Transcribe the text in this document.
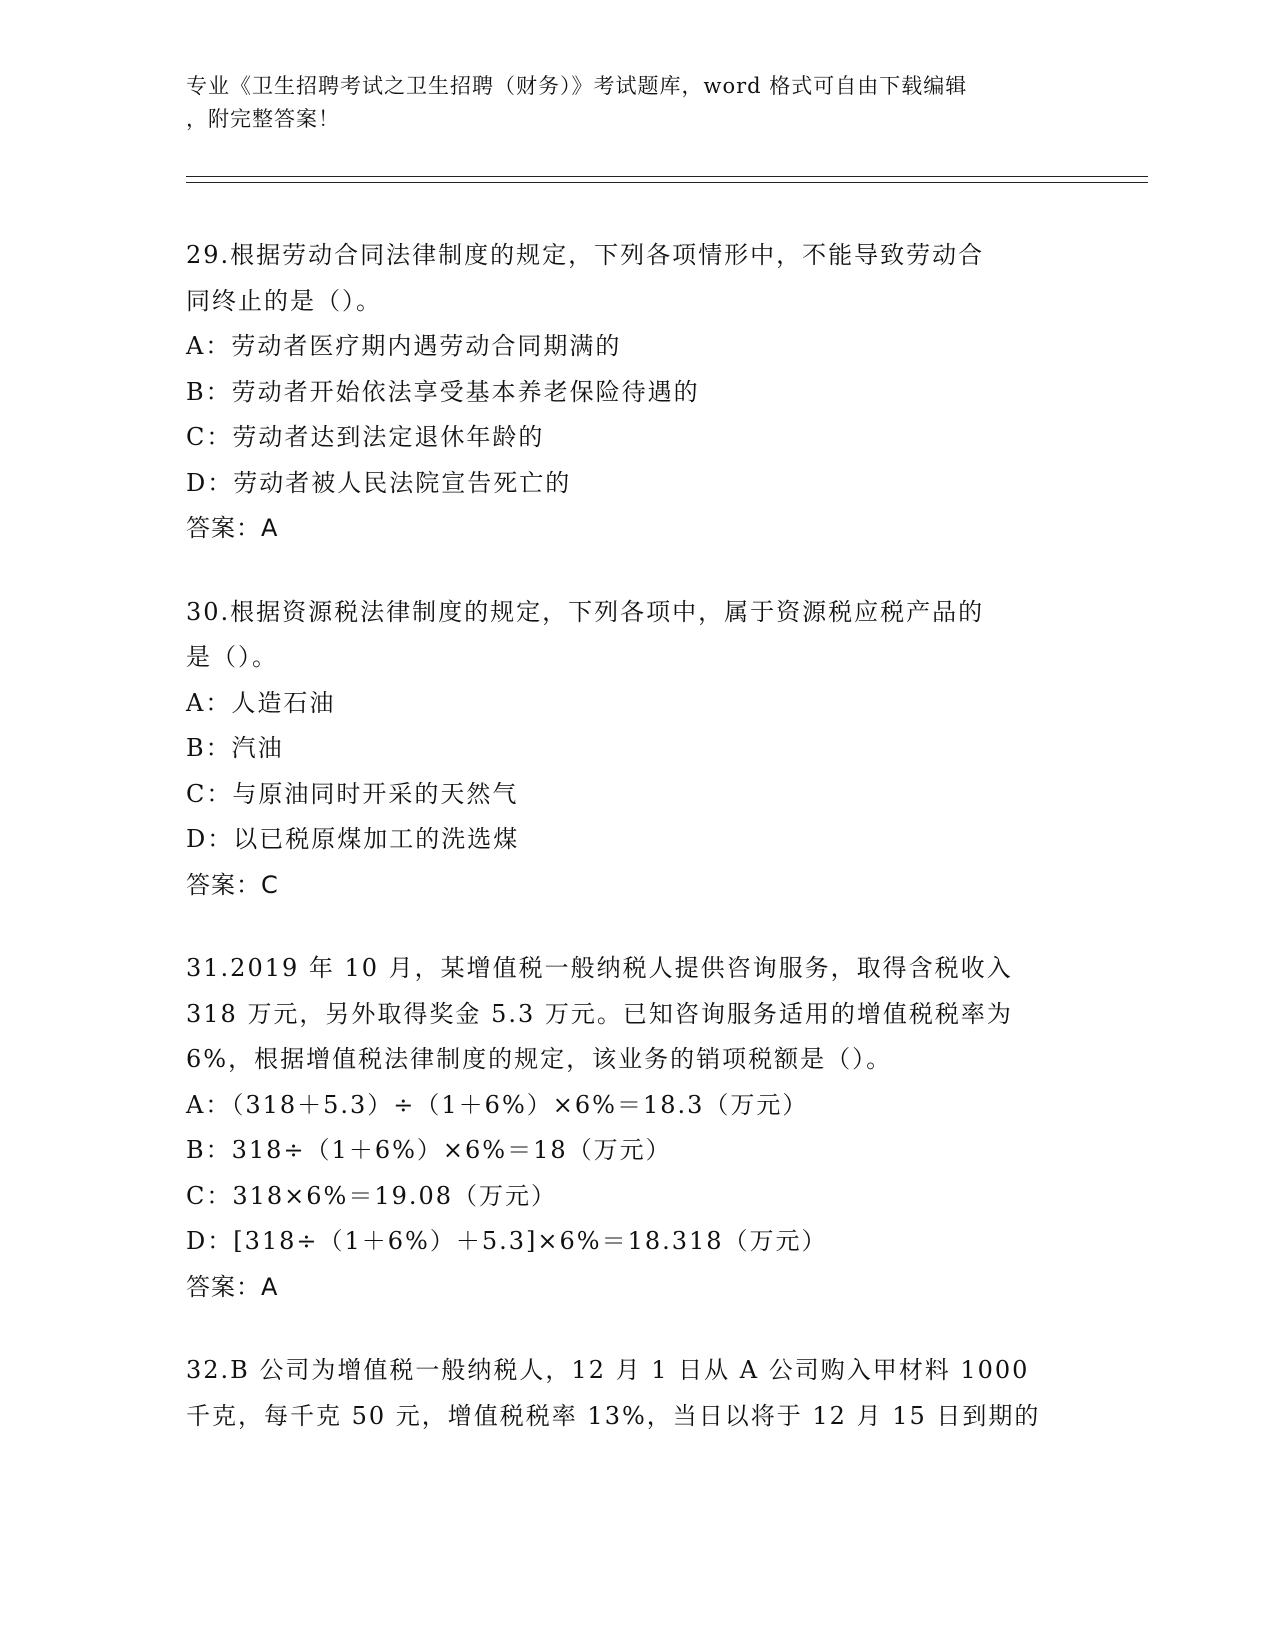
专业《卫生招聘考试之卫生招聘（财务）》考试题库，word 格式可自由下载编辑
，附完整答案！
29.根据劳动合同法律制度的规定，下列各项情形中，不能导致劳动合
同终止的是（）。
A：劳动者医疗期内遇劳动合同期满的
B：劳动者开始依法享受基本养老保险待遇的
C：劳动者达到法定退休年龄的
D：劳动者被人民法院宣告死亡的
答案：A
30.根据资源税法律制度的规定，下列各项中，属于资源税应税产品的
是（）。
A：人造石油
B：汽油
C：与原油同时开采的天然气
D：以已税原煤加工的洗选煤
答案：C
31.2019 年 10 月，某增值税一般纳税人提供咨询服务，取得含税收入
318 万元，另外取得奖金 5.3 万元。已知咨询服务适用的增值税税率为
6%，根据增值税法律制度的规定，该业务的销项税额是（）。
A：（318＋5.3）÷（1＋6%）×6%＝18.3（万元）
B：318÷（1＋6%）×6%＝18（万元）
C：318×6%＝19.08（万元）
D：[318÷（1＋6%）＋5.3]×6%＝18.318（万元）
答案：A
32.B 公司为增值税一般纳税人，12 月 1 日从 A 公司购入甲材料 1000
千克，每千克 50 元，增值税税率 13%，当日以将于 12 月 15 日到期的
